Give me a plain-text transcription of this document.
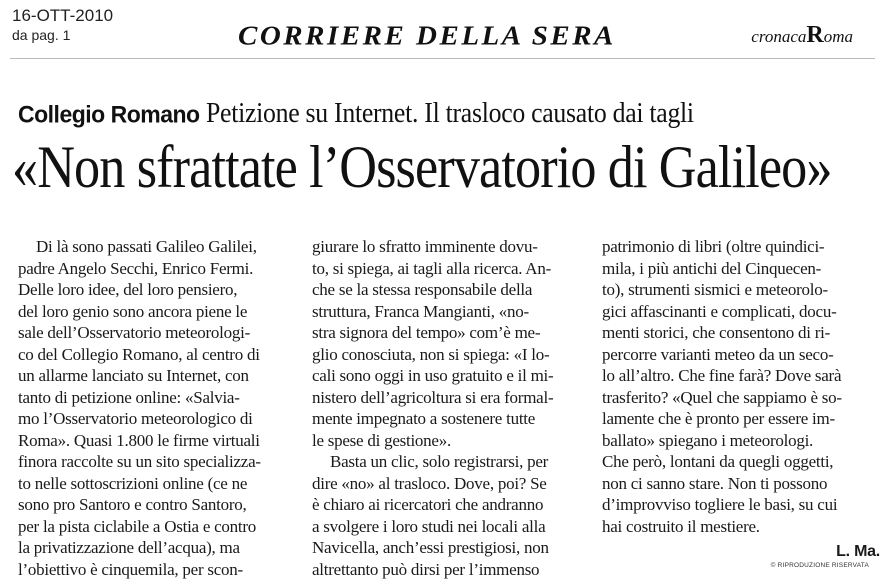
16-OTT-2010
da pag. 1	CORRIERE DELLA SERA	cronacaRoma
Collegio Romano Petizione su Internet. Il trasloco causato dai tagli
«Non sfrattate l’Osservatorio di Galileo»

Di là sono passati Galileo Galilei,

padre Angelo Secchi, Enrico Fermi.

Delle loro idee, del loro pensiero,

del loro genio sono ancora piene le

sale dell’Osservatorio meteorologi-

co del Collegio Romano, al centro di

un allarme lanciato su Internet, con

tanto di petizione online: «Salvia-

mo l’Osservatorio meteorologico di

Roma». Quasi 1.800 le firme virtuali

finora raccolte su un sito specializza-

to nelle sottoscrizioni online (ce ne

sono pro Santoro e contro Santoro,

per la pista ciclabile a Ostia e contro

la privatizzazione dell’acqua), ma

l’obiettivo è cinquemila, per scon-

giurare lo sfratto imminente dovu-

to, si spiega, ai tagli alla ricerca. An-

che se la stessa responsabile della

struttura, Franca Mangianti, «no-

stra signora del tempo» com’è me-

glio conosciuta, non si spiega: «I lo-

cali sono oggi in uso gratuito e il mi-

nistero dell’agricoltura si era formal-

mente impegnato a sostenere tutte

le spese di gestione».

Basta un clic, solo registrarsi, per

dire «no» al trasloco. Dove, poi? Se

è chiaro ai ricercatori che andranno

a svolgere i loro studi nei locali alla

Navicella, anch’essi prestigiosi, non

altrettanto può dirsi per l’immenso

patrimonio di libri (oltre quindici-

mila, i più antichi del Cinquecen-

to), strumenti sismici e meteorolo-

gici affascinanti e complicati, docu-

menti storici, che consentono di ri-

percorre varianti meteo da un seco-

lo all’altro. Che fine farà? Dove sarà

trasferito? «Quel che sappiamo è so-

lamente che è pronto per essere im-

ballato» spiegano i meteorologi.

Che però, lontani da quegli oggetti,

non ci sanno stare. Non ti possono

d’improvviso togliere le basi, su cui

hai costruito il mestiere.

L. Ma.

© RIPRODUZIONE RISERVATA
